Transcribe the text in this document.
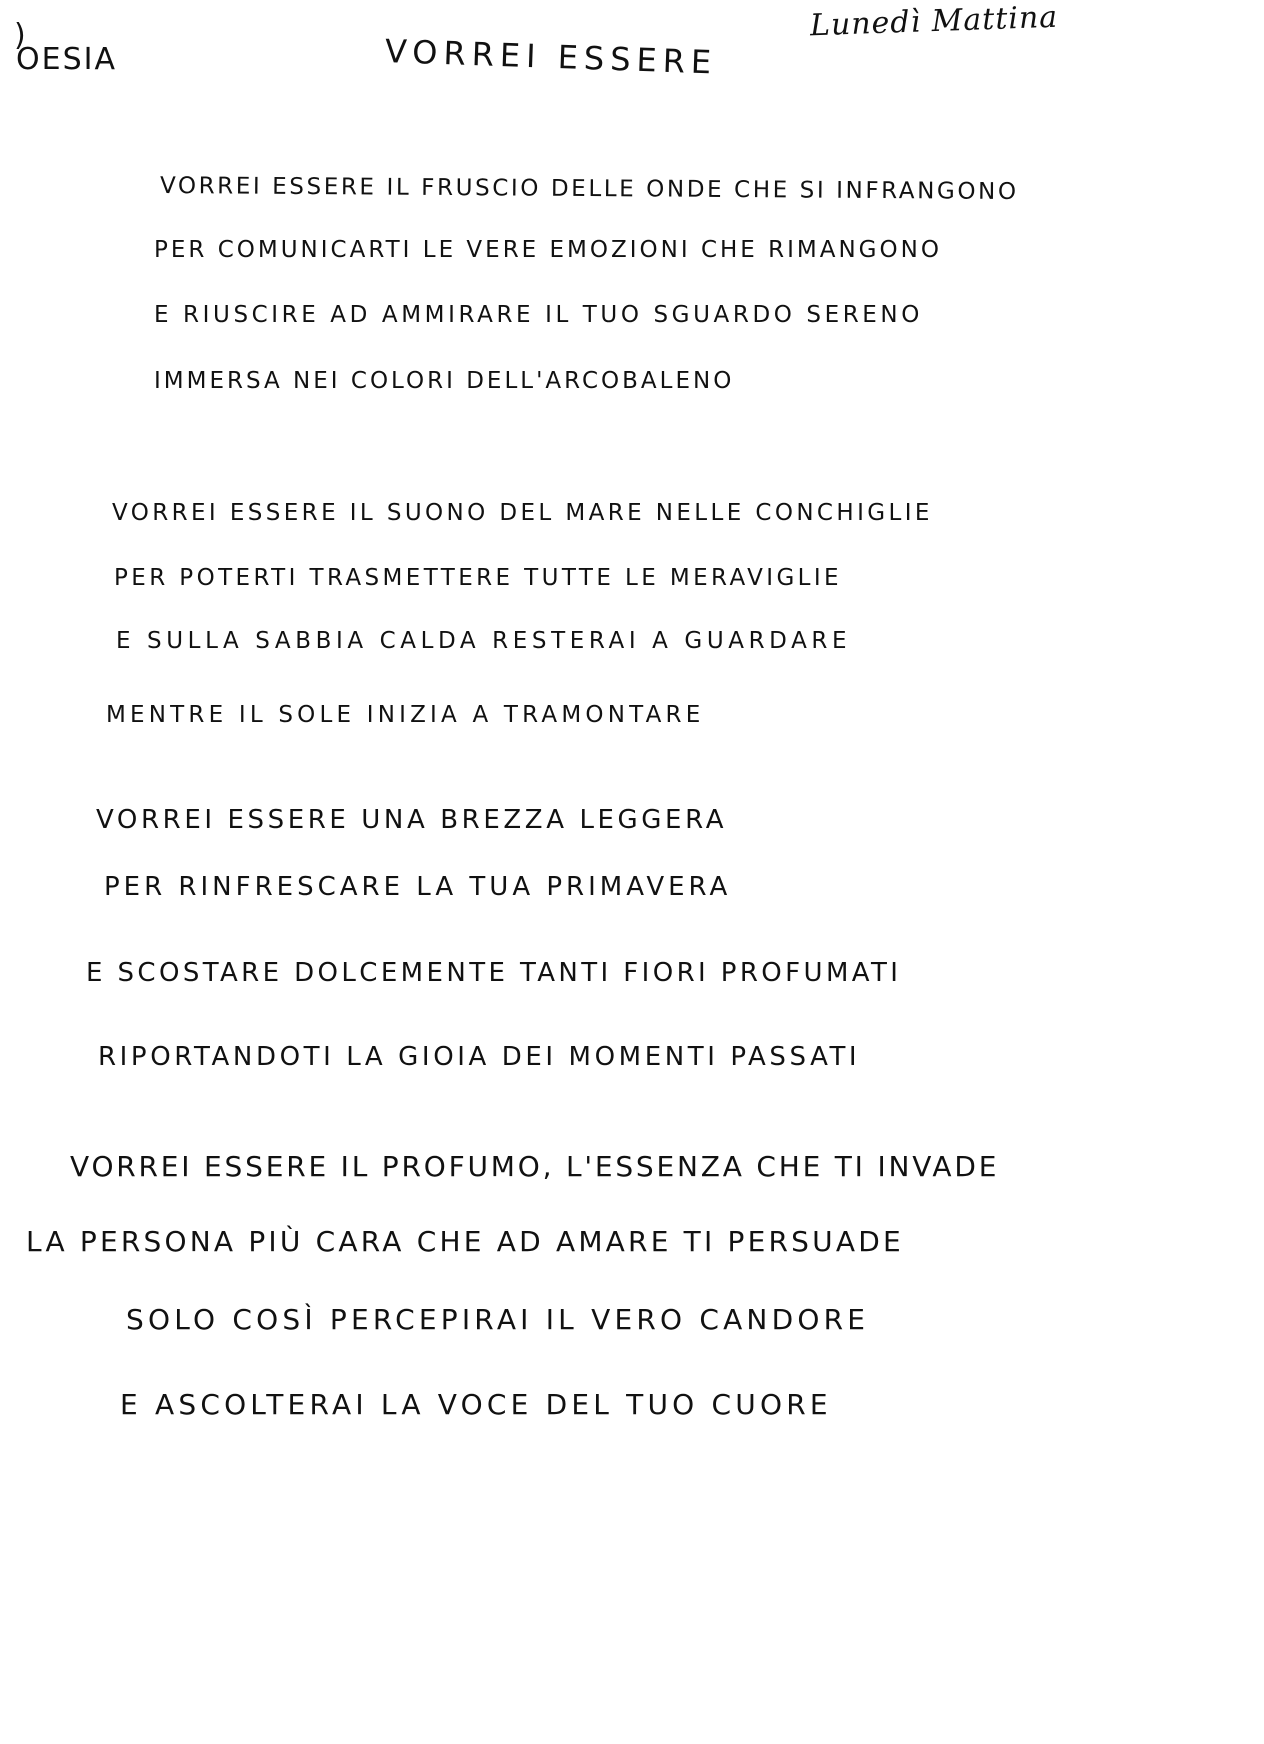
)
OESIA	VORREI ESSERE
Lunedì Mattina
VORREI ESSERE IL FRUSCIO DELLE ONDE CHE SI INFRANGONO
PER COMUNICARTI LE VERE EMOZIONI CHE RIMANGONO
E RIUSCIRE AD AMMIRARE IL TUO SGUARDO SERENO
IMMERSA NEI COLORI DELL'ARCOBALENO
VORREI ESSERE IL SUONO DEL MARE NELLE CONCHIGLIE
PER POTERTI TRASMETTERE TUTTE LE MERAVIGLIE
E SULLA SABBIA CALDA RESTERAI A GUARDARE
MENTRE IL SOLE INIZIA A TRAMONTARE
VORREI ESSERE UNA BREZZA LEGGERA
PER RINFRESCARE LA TUA PRIMAVERA
E SCOSTARE DOLCEMENTE TANTI FIORI PROFUMATI
RIPORTANDOTI LA GIOIA DEI MOMENTI PASSATI
VORREI ESSERE IL PROFUMO, L'ESSENZA CHE TI INVADE
LA PERSONA PIÙ CARA CHE AD AMARE TI PERSUADE
SOLO COSÌ PERCEPIRAI IL VERO CANDORE
E ASCOLTERAI LA VOCE DEL TUO CUORE
